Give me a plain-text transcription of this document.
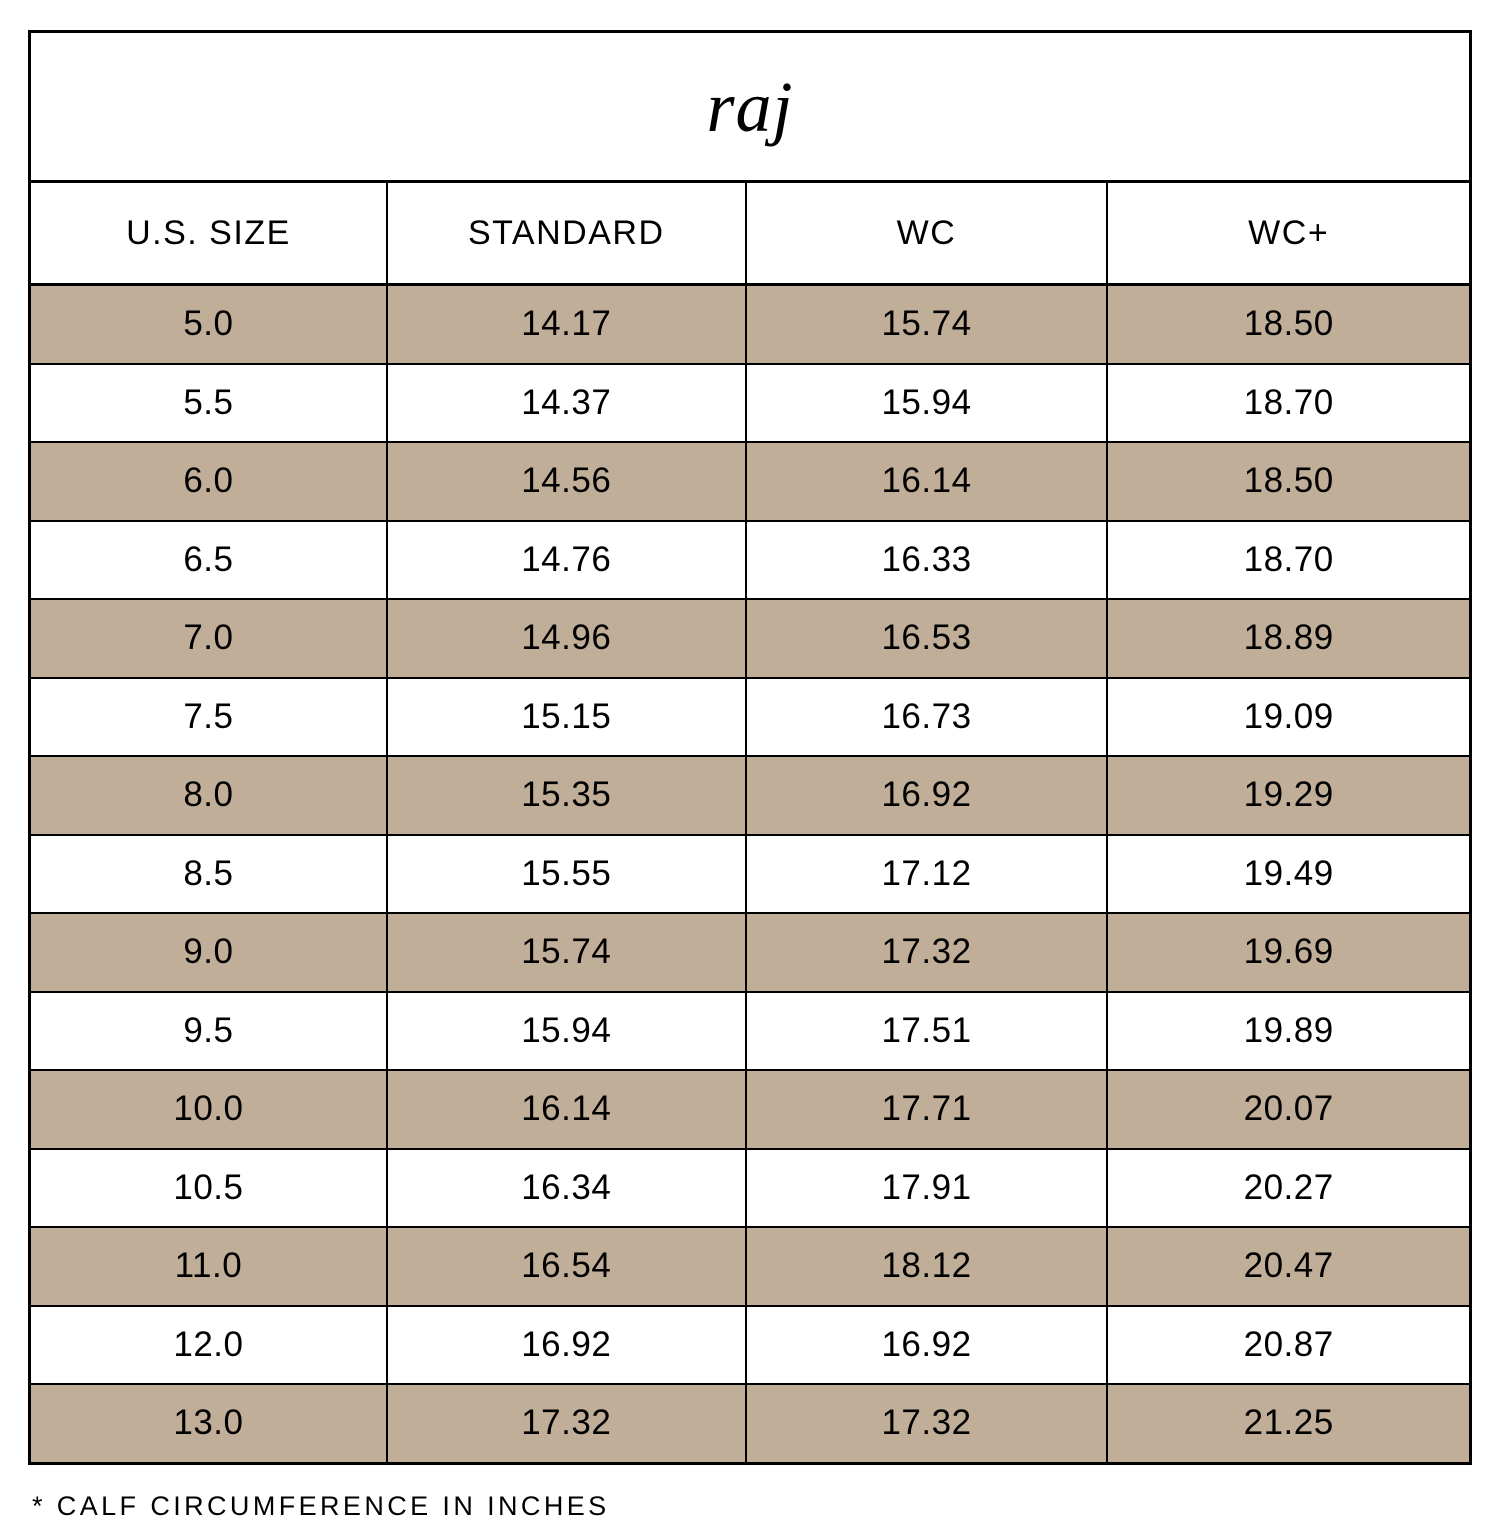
raj			
U.S. SIZE	STANDARD	WC	WC+
5.0	14.17	15.74	18.50
5.5	14.37	15.94	18.70
6.0	14.56	16.14	18.50
6.5	14.76	16.33	18.70
7.0	14.96	16.53	18.89
7.5	15.15	16.73	19.09
8.0	15.35	16.92	19.29
8.5	15.55	17.12	19.49
9.0	15.74	17.32	19.69
9.5	15.94	17.51	19.89
10.0	16.14	17.71	20.07
10.5	16.34	17.91	20.27
11.0	16.54	18.12	20.47
12.0	16.92	16.92	20.87
13.0	17.32	17.32	21.25
* CALF CIRCUMFERENCE IN INCHES
